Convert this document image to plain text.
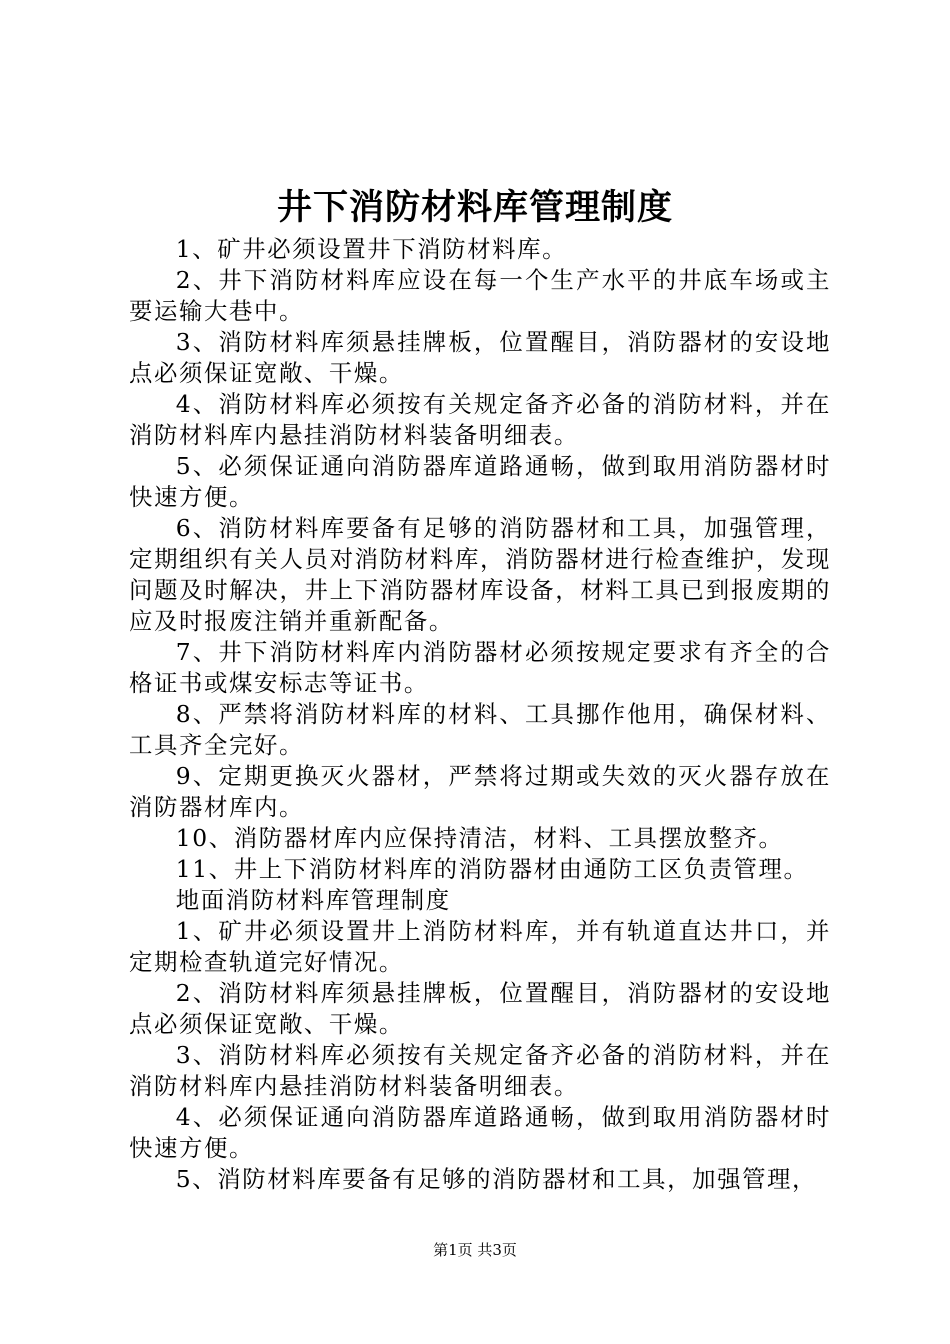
井下消防材料库管理制度

1、矿井必须设置井下消防材料库。

2、井下消防材料库应设在每一个生产水平的井底车场或主要运输大巷中。

3、消防材料库须悬挂牌板，位置醒目，消防器材的安设地点必须保证宽敞、干燥。

4、消防材料库必须按有关规定备齐必备的消防材料，并在消防材料库内悬挂消防材料装备明细表。

5、必须保证通向消防器库道路通畅，做到取用消防器材时快速方便。

6、消防材料库要备有足够的消防器材和工具，加强管理，定期组织有关人员对消防材料库，消防器材进行检查维护，发现问题及时解决，井上下消防器材库设备，材料工具已到报废期的应及时报废注销并重新配备。

7、井下消防材料库内消防器材必须按规定要求有齐全的合格证书或煤安标志等证书。

8、严禁将消防材料库的材料、工具挪作他用，确保材料、工具齐全完好。

9、定期更换灭火器材，严禁将过期或失效的灭火器存放在消防器材库内。

10、消防器材库内应保持清洁，材料、工具摆放整齐。

11、井上下消防材料库的消防器材由通防工区负责管理。

地面消防材料库管理制度

1、矿井必须设置井上消防材料库，并有轨道直达井口，并定期检查轨道完好情况。

2、消防材料库须悬挂牌板，位置醒目，消防器材的安设地点必须保证宽敞、干燥。

3、消防材料库必须按有关规定备齐必备的消防材料，并在消防材料库内悬挂消防材料装备明细表。

4、必须保证通向消防器库道路通畅，做到取用消防器材时快速方便。

5、消防材料库要备有足够的消防器材和工具，加强管理，

第1页 共3页
